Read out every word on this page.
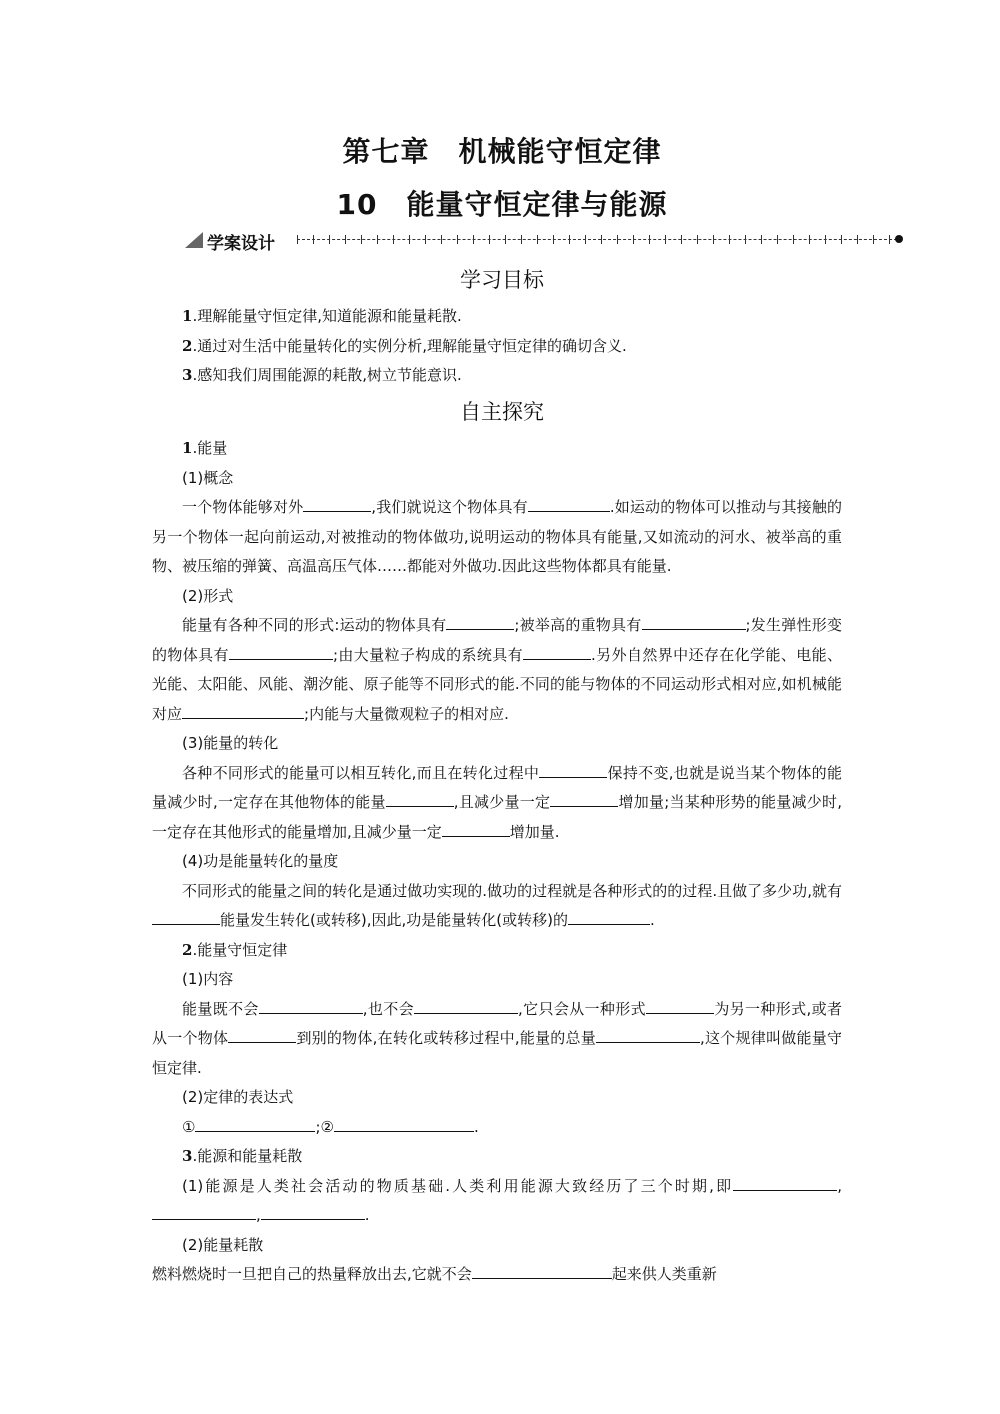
第七章　机械能守恒定律
10　能量守恒定律与能源
学案设计
学习目标

1.理解能量守恒定律,知道能源和能量耗散.

2.通过对生活中能量转化的实例分析,理解能量守恒定律的确切含义.

3.感知我们周围能源的耗散,树立节能意识.

自主探究

1.能量

(1)概念

一个物体能够对外	,我们就说这个物体具有	.如运动的物体可以推动与其接触的另一个物体一起向前运动,对被推动的物体做功,说明运动的物体具有能量,又如流动的河水、被举高的重物、被压缩的弹簧、高温高压气体……都能对外做功.因此这些物体都具有能量.

(2)形式

能量有各种不同的形式:运动的物体具有	;被举高的重物具有	;发生弹性形变的物体具有	;由大量粒子构成的系统具有	.另外自然界中还存在化学能、电能、光能、太阳能、风能、潮汐能、原子能等不同形式的能.不同的能与物体的不同运动形式相对应,如机械能对应	;内能与大量微观粒子的相对应.

(3)能量的转化

各种不同形式的能量可以相互转化,而且在转化过程中	保持不变,也就是说当某个物体的能量减少时,一定存在其他物体的能量	,且减少量一定	增加量;当某种形势的能量减少时,一定存在其他形式的能量增加,且减少量一定	增加量.

(4)功是能量转化的量度

不同形式的能量之间的转化是通过做功实现的.做功的过程就是各种形式的的过程.且做了多少功,就有能量发生转化(或转移),因此,功是能量转化(或转移)的	.

2.能量守恒定律

(1)内容

能量既不会	,也不会	,它只会从一种形式	为另一种形式,或者从一个物体	到别的物体,在转化或转移过程中,能量的总量	,这个规律叫做能量守恒定律.

(2)定律的表达式

①	;②	.

3.能源和能量耗散

(1)能源是人类社会活动的物质基础.人类利用能源大致经历了三个时期,即	,,	.

(2)能量耗散

燃料燃烧时一旦把自己的热量释放出去,它就不会	起来供人类重新
